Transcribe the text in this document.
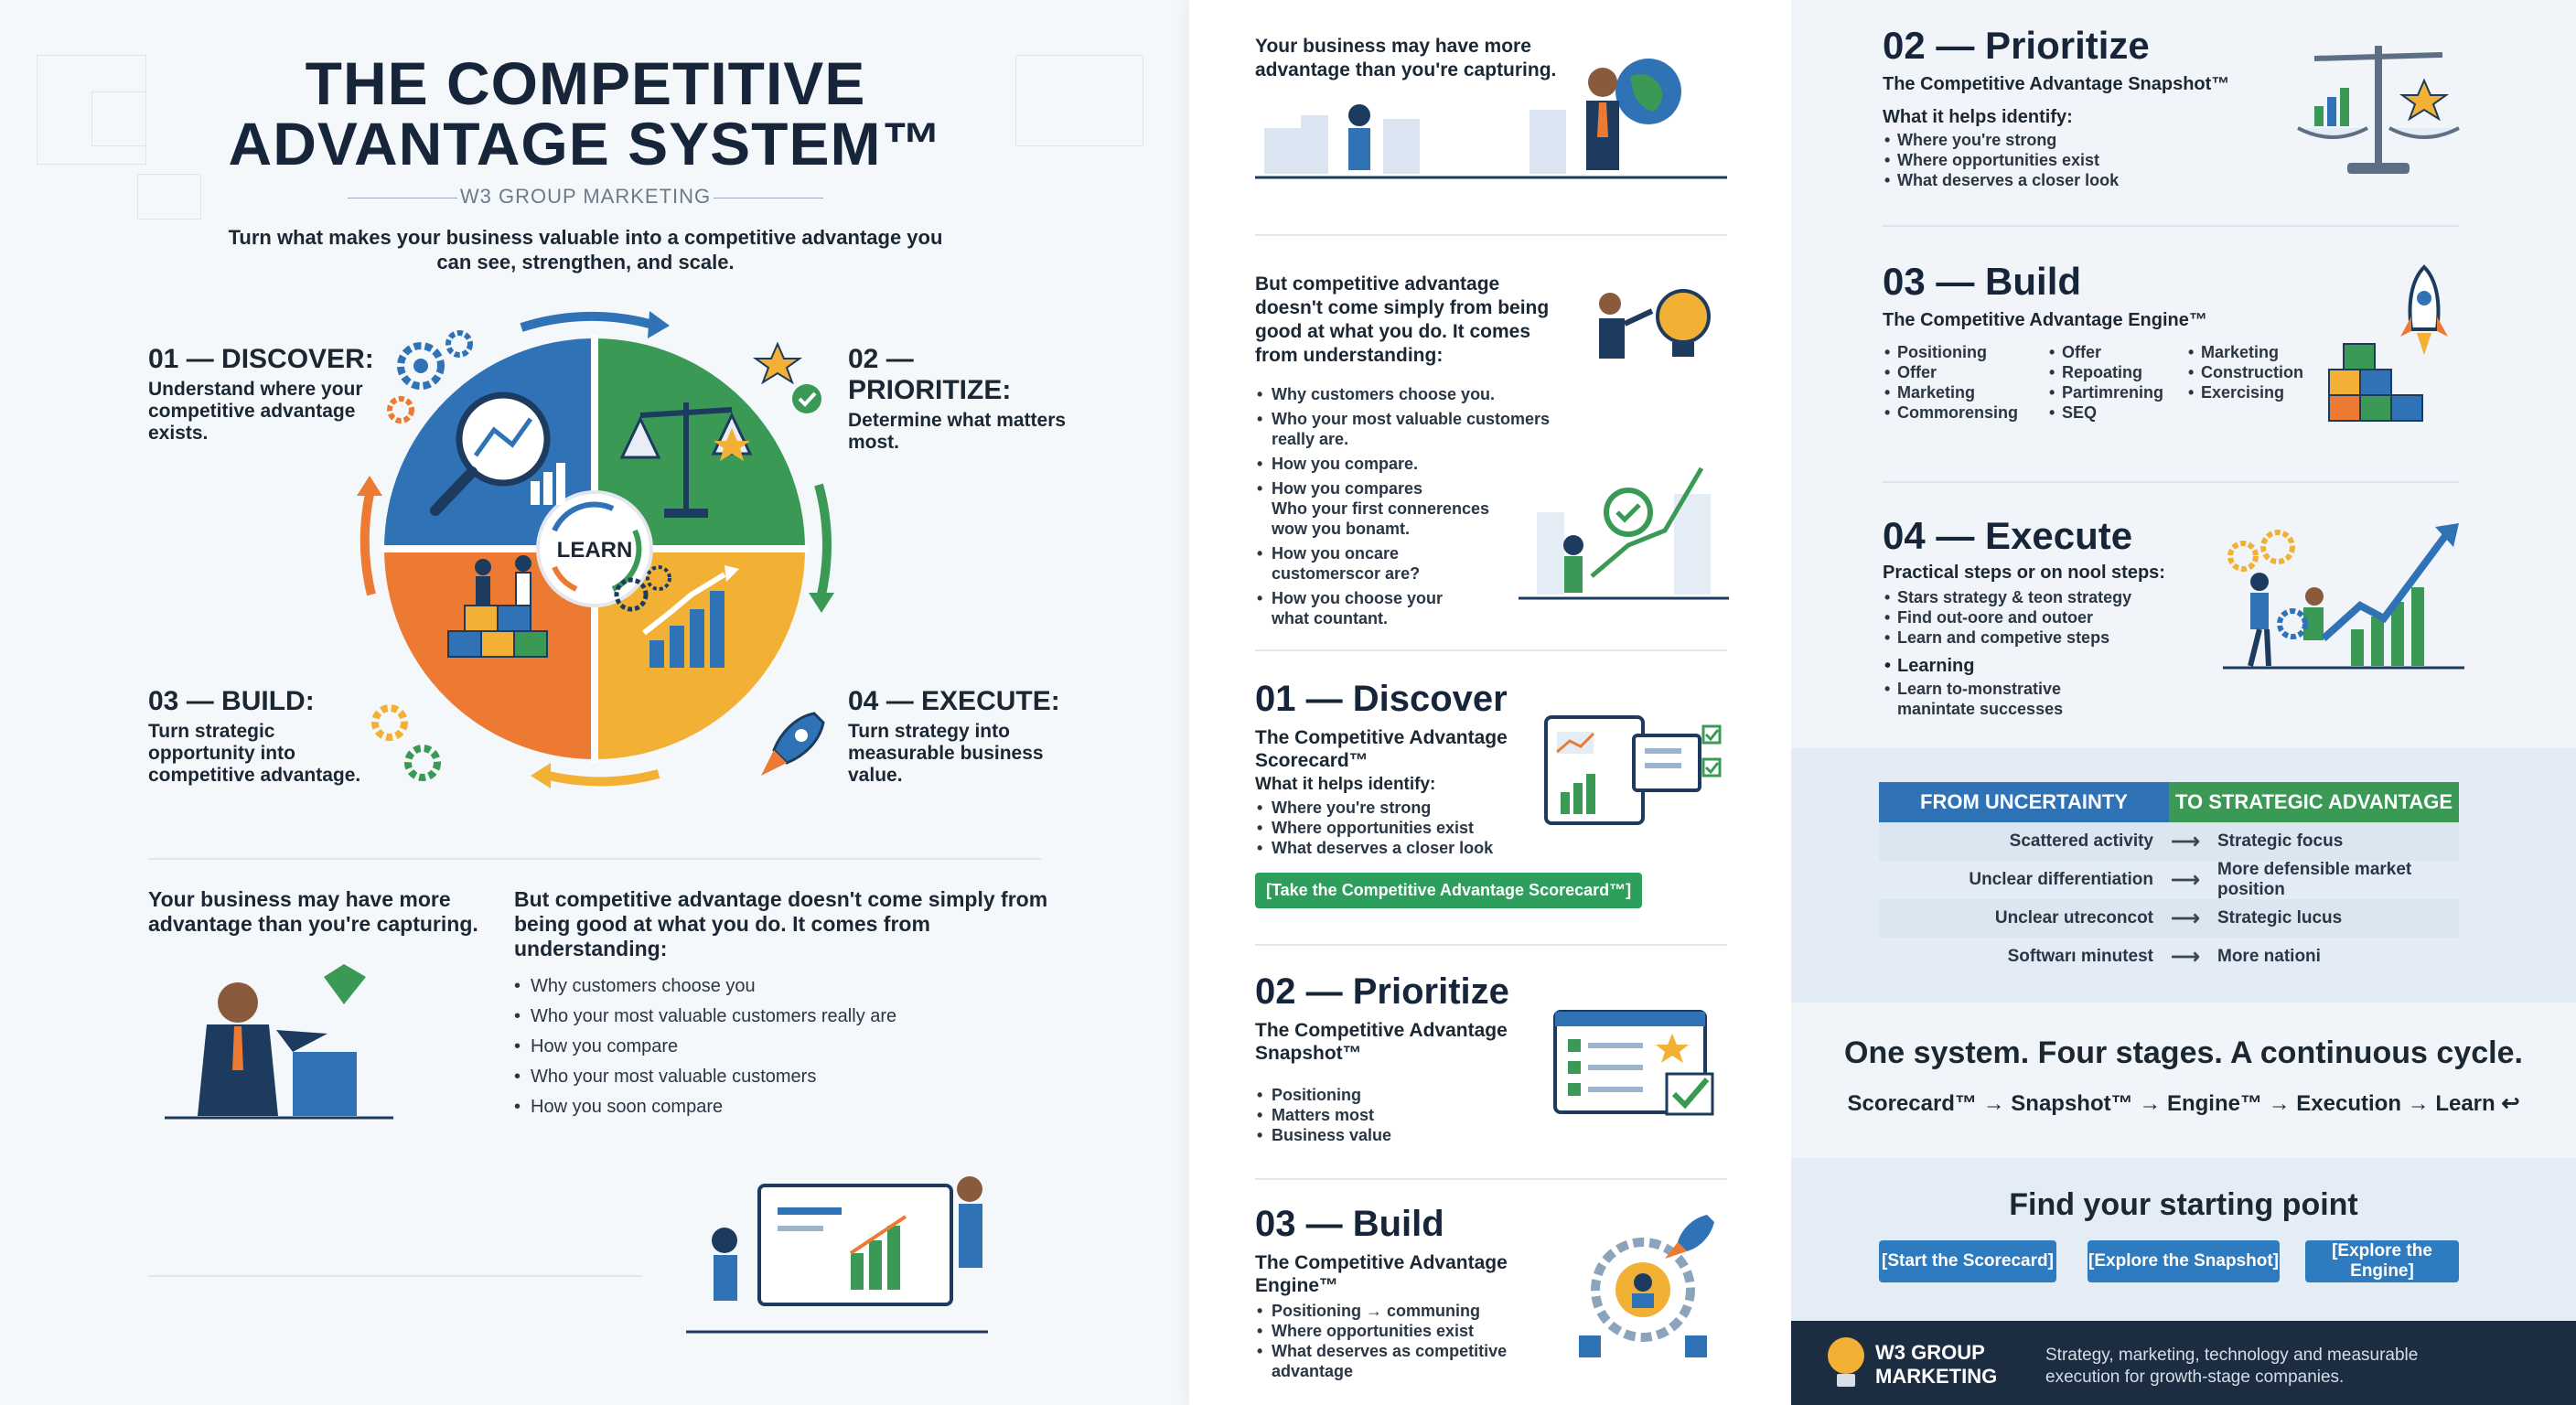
THE COMPETITIVE
ADVANTAGE SYSTEM™
W3 GROUP MARKETING
Turn what makes your business valuable into a competitive advantage you can see, strengthen, and scale.
01 — DISCOVER:
Understand where your competitive advantage exists.
02 — PRIORITIZE:
Determine what matters most.
03 — BUILD:
Turn strategic opportunity into competitive advantage.
04 — EXECUTE:
Turn strategy into measurable business value.
LEARN
Your business may have more advantage than you're capturing.
But competitive advantage doesn't come simply from being good at what you do. It comes from understanding:
• Why customers choose you
• Who your most valuable customers really are
• How you compare
• Who your most valuable customers
• How you soon compare
Your business may have more advantage than you're capturing.
But competitive advantage doesn't come simply from being good at what you do. It comes from understanding:
• Why customers choose you.
• Who your most valuable customers really are.
• How you compare.
• How you compares
Who your first connerences
wow you bonamt.
• How you oncare
customerscor are?
• How you choose your
what countant.
01 — Discover
The Competitive Advantage Scorecard™
What it helps identify:
• Where you're strong
• Where opportunities exist
• What deserves a closer look
[Take the Competitive Advantage Scorecard™]
02 — Prioritize
The Competitive Advantage Snapshot™
• Positioning
• Matters most
• Business value
03 — Build
The Competitive Advantage Engine™
• Positioning → communing
• Where opportunities exist
• What deserves as competitive advantage
02 — Prioritize
The Competitive Advantage Snapshot™
What it helps identify:
• Where you're strong
• Where opportunities exist
• What deserves a closer look
03 — Build
The Competitive Advantage Engine™
• Positioning
• Offer
• Marketing
• Commorensing
• Offer
• Repoating
• Partimrening
• SEQ
• Marketing
• Construction
• Exercising
04 — Execute
Practical steps or on nool steps:
• Stars strategy & teon strategy
• Find out-oore and outoer
• Learn and competive steps
• Learning
• Learn to-monstrative manintate successes
FROM UNCERTAINTY	TO STRATEGIC ADVANTAGE
Scattered activity ⟶	Strategic focus
Unclear differentiation ⟶	More defensible market position
Unclear utreconcot ⟶	Strategic lucus
Softwarı minutest ⟶	More nationi
One system. Four stages. A continuous cycle.
Scorecard™ → Snapshot™ → Engine™ → Execution → Learn ↩
Find your starting point
[Start the Scorecard] [Explore the Snapshot]
[Explore the Engine]
W3 GROUP
MARKETING
Strategy, marketing, technology and measurable execution for growth-stage companies.
